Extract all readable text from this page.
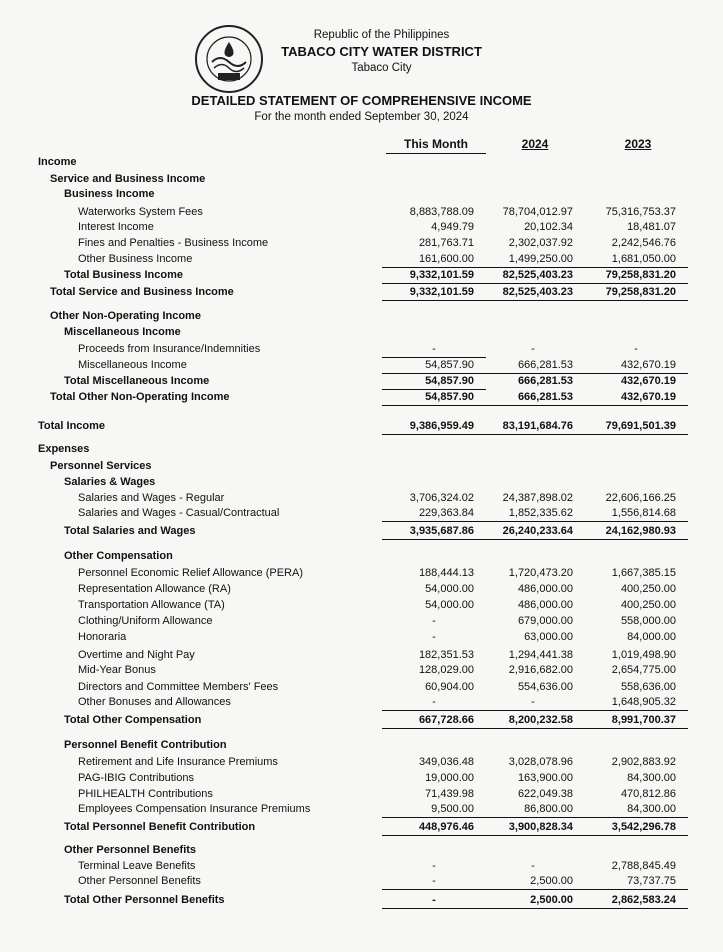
Republic of the Philippines
TABACO CITY WATER DISTRICT
Tabaco City
DETAILED STATEMENT OF COMPREHENSIVE INCOME
For the month ended September 30, 2024
This Month	2024	2023
Income
Service and Business Income
Business Income
Waterworks System Fees	8,883,788.09	78,704,012.97	75,316,753.37
Interest Income	4,949.79	20,102.34	18,481.07
Fines and Penalties - Business Income	281,763.71	2,302,037.92	2,242,546.76
Other Business Income	161,600.00	1,499,250.00	1,681,050.00
Total Business Income	9,332,101.59	82,525,403.23	79,258,831.20
Total Service and Business Income	9,332,101.59	82,525,403.23	79,258,831.20
Other Non-Operating Income
Miscellaneous Income
Proceeds from Insurance/Indemnities	-	-	-
Miscellaneous Income	54,857.90	666,281.53	432,670.19
Total Miscellaneous Income	54,857.90	666,281.53	432,670.19
Total Other Non-Operating Income	54,857.90	666,281.53	432,670.19
Total Income	9,386,959.49	83,191,684.76	79,691,501.39
Expenses
Personnel Services
Salaries & Wages
Salaries and Wages - Regular	3,706,324.02	24,387,898.02	22,606,166.25
Salaries and Wages - Casual/Contractual	229,363.84	1,852,335.62	1,556,814.68
Total Salaries and Wages	3,935,687.86	26,240,233.64	24,162,980.93
Other Compensation
Personnel Economic Relief Allowance (PERA)	188,444.13	1,720,473.20	1,667,385.15
Representation Allowance (RA)	54,000.00	486,000.00	400,250.00
Transportation Allowance (TA)	54,000.00	486,000.00	400,250.00
Clothing/Uniform Allowance	-	679,000.00	558,000.00
Honoraria	-	63,000.00	84,000.00
Overtime and Night Pay	182,351.53	1,294,441.38	1,019,498.90
Mid-Year Bonus	128,029.00	2,916,682.00	2,654,775.00
Directors and Committee Members' Fees	60,904.00	554,636.00	558,636.00
Other Bonuses and Allowances	-	-	1,648,905.32
Total Other Compensation	667,728.66	8,200,232.58	8,991,700.37
Personnel Benefit Contribution
Retirement and Life Insurance Premiums	349,036.48	3,028,078.96	2,902,883.92
PAG-IBIG Contributions	19,000.00	163,900.00	84,300.00
PHILHEALTH Contributions	71,439.98	622,049.38	470,812.86
Employees Compensation Insurance Premiums	9,500.00	86,800.00	84,300.00
Total Personnel Benefit Contribution	448,976.46	3,900,828.34	3,542,296.78
Other Personnel Benefits
Terminal Leave Benefits	-	-	2,788,845.49
Other Personnel Benefits	-	2,500.00	73,737.75
Total Other Personnel Benefits	-	2,500.00	2,862,583.24
